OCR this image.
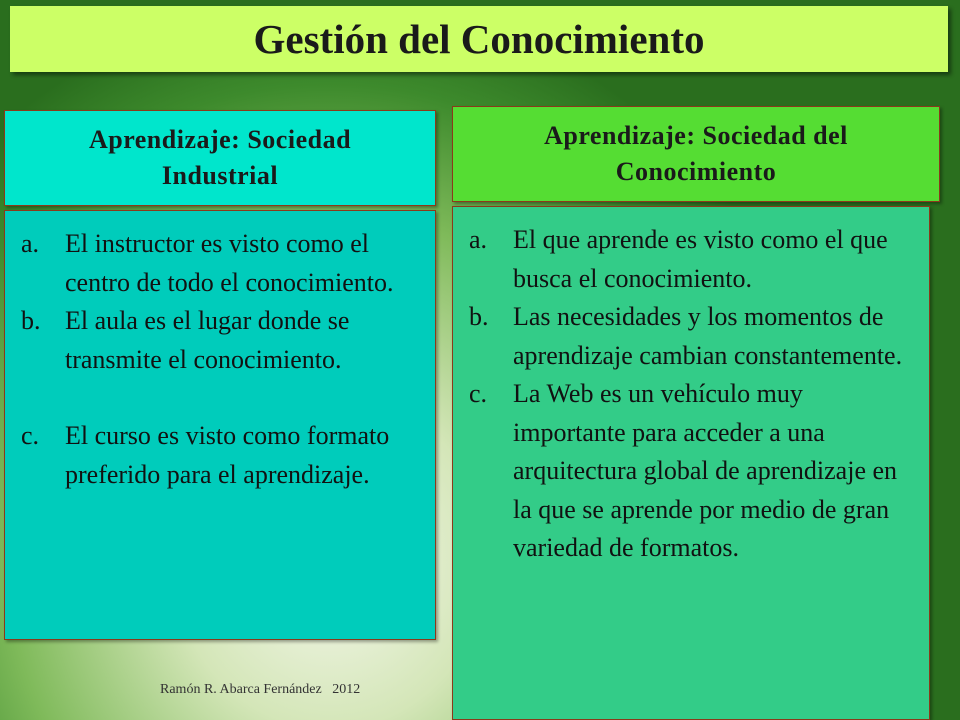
Gestión del Conocimiento
Aprendizaje: Sociedad Industrial
Aprendizaje: Sociedad del Conocimiento
a. El instructor es visto como el centro de todo el conocimiento.
b. El aula es el lugar donde se transmite el conocimiento.
c. El curso es visto como formato preferido para el aprendizaje.
a. El que aprende es visto como el que busca el conocimiento.
b. Las necesidades y los momentos de aprendizaje cambian constantemente.
c. La Web es un vehículo muy importante para acceder a una arquitectura global de aprendizaje en la que se aprende por medio de gran variedad de formatos.
Ramón R. Abarca Fernández   2012
